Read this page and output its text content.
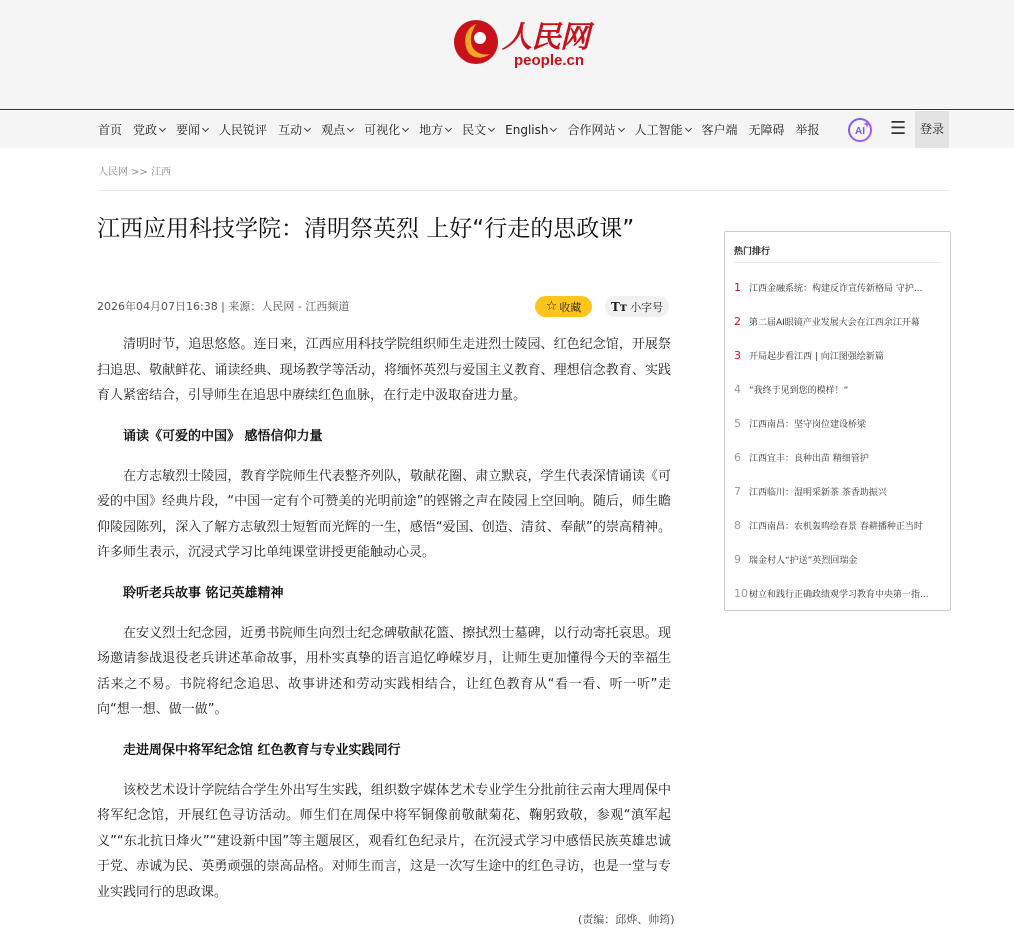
人民网
people.cn
首页 党政 要闻 人民锐评 互动 观点 可视化 地方 民文 English 合作网站 人工智能 客户端 无障碍 举报	AI ☰	登录
人民网 >> 江西
江西应用科技学院：清明祭英烈 上好“行走的思政课”
2026年04月07日16:38 | 来源：人民网 - 江西频道	☆ 收藏 Tт 小字号

清明时节，追思悠悠。连日来，江西应用科技学院组织师生走进烈士陵园、红色纪念馆，开展祭扫追思、敬献鲜花、诵读经典、现场教学等活动，将缅怀英烈与爱国主义教育、理想信念教育、实践育人紧密结合，引导师生在追思中赓续红色血脉，在行走中汲取奋进力量。

诵读《可爱的中国》 感悟信仰力量

在方志敏烈士陵园，教育学院师生代表整齐列队，敬献花圈、肃立默哀，学生代表深情诵读《可爱的中国》经典片段，“中国一定有个可赞美的光明前途”的铿锵之声在陵园上空回响。随后，师生瞻仰陵园陈列，深入了解方志敏烈士短暂而光辉的一生，感悟“爱国、创造、清贫、奉献”的崇高精神。许多师生表示，沉浸式学习比单纯课堂讲授更能触动心灵。

聆听老兵故事 铭记英雄精神

在安义烈士纪念园，近勇书院师生向烈士纪念碑敬献花篮、擦拭烈士墓碑，以行动寄托哀思。现场邀请参战退役老兵讲述革命故事，用朴实真挚的语言追忆峥嵘岁月，让师生更加懂得今天的幸福生活来之不易。书院将纪念追思、故事讲述和劳动实践相结合，让红色教育从“看一看、听一听”走向“想一想、做一做”。

走进周保中将军纪念馆 红色教育与专业实践同行

该校艺术设计学院结合学生外出写生实践，组织数字媒体艺术专业学生分批前往云南大理周保中将军纪念馆，开展红色寻访活动。师生们在周保中将军铜像前敬献菊花、鞠躬致敬，参观“滇军起义”“东北抗日烽火”“建设新中国”等主题展区，观看红色纪录片，在沉浸式学习中感悟民族英雄忠诚于党、赤诚为民、英勇顽强的崇高品格。对师生而言，这是一次写生途中的红色寻访，也是一堂与专业实践同行的思政课。

(责编：邱烨、帅筠)
热门排行
1 江西金融系统：构建反诈宣传新格局 守护...
2 第二届AI眼镜产业发展大会在江西余江开幕
3 开局起步看江西 | 向江图强绘新篇
4 “我终于见到您的模样！”
5 江西南昌：坚守岗位建设桥梁
6 江西宜丰：良种出苗 精细管护
7 江西临川：湿明采新茶 茶香助振兴
8 江西南昌：农机轰鸣绘春景 春耕播种正当时
9 瑞金村人“护送”英烈回瑞金
10 树立和践行正确政绩观学习教育中央第一指...
